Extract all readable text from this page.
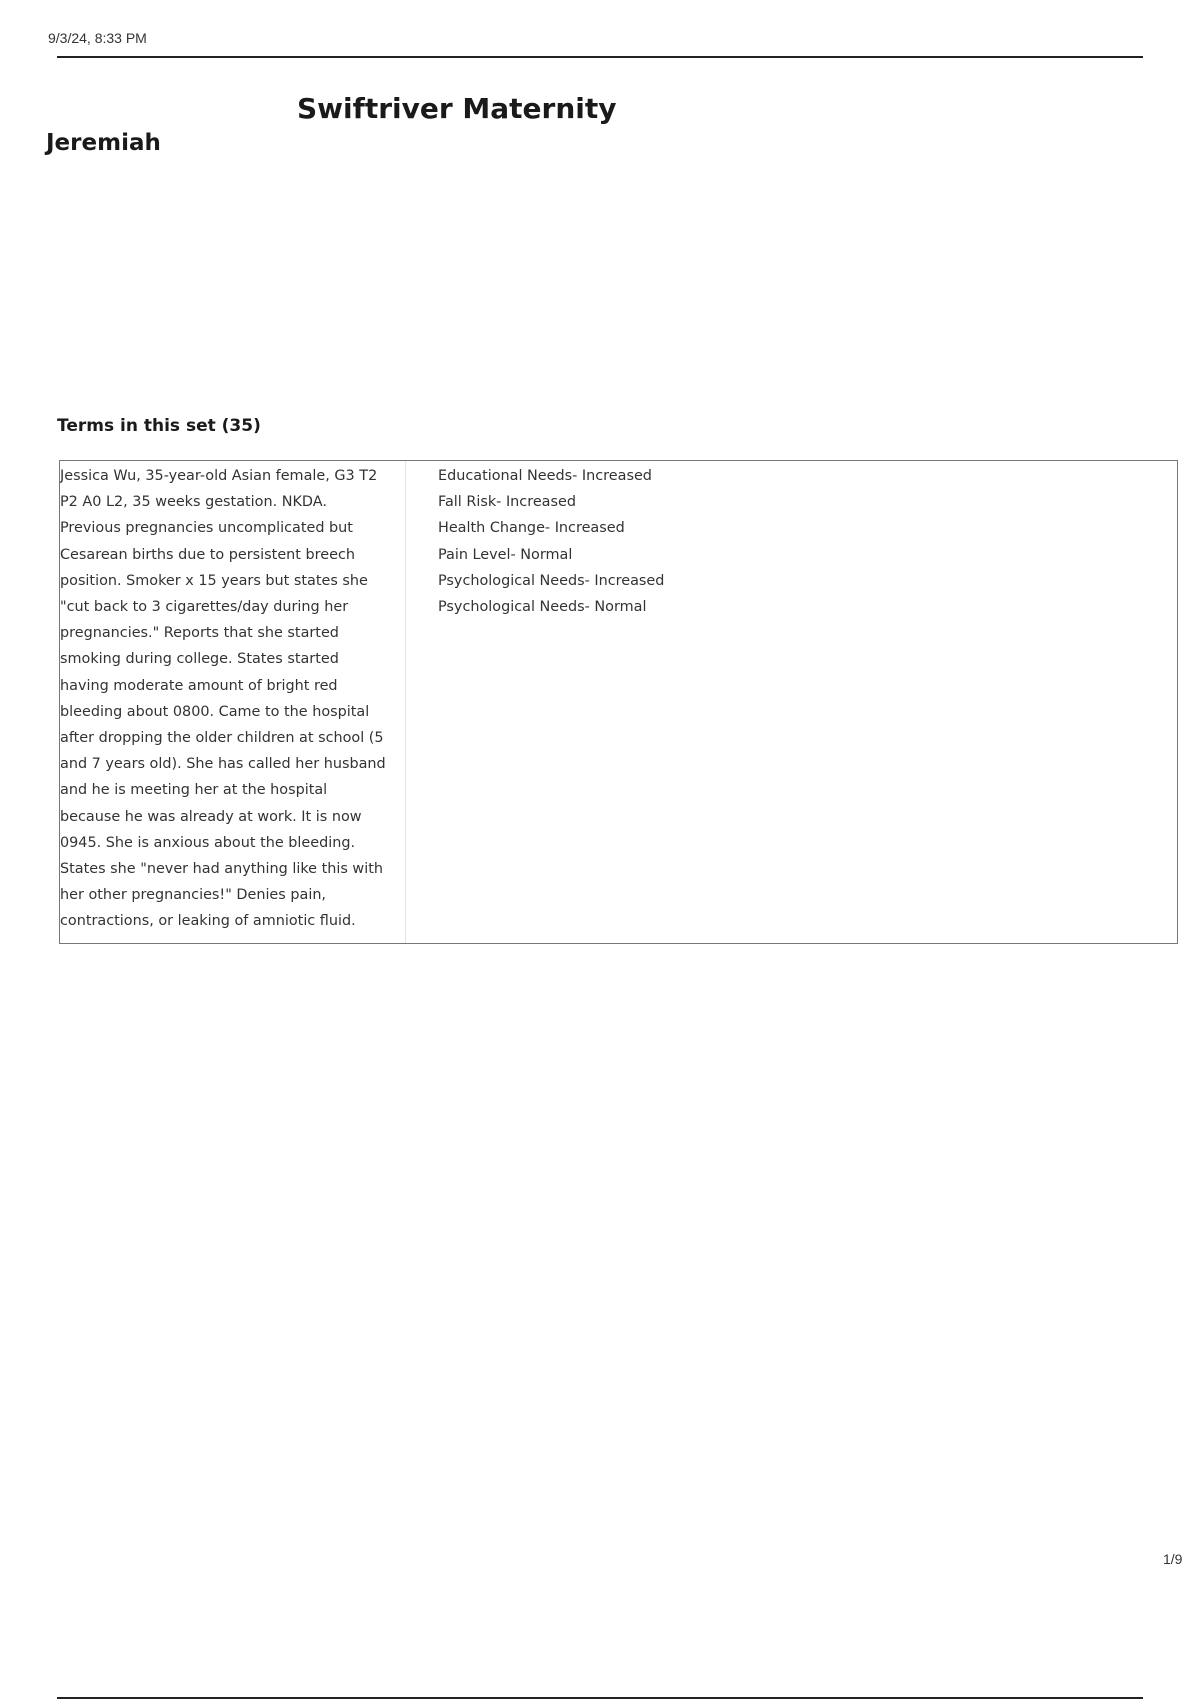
9/3/24, 8:33 PM
Swiftriver Maternity
Jeremiah
Terms in this set (35)
Jessica Wu, 35-year-old Asian female, G3 T2 P2 A0 L2, 35 weeks gestation. NKDA. Previous pregnancies uncomplicated but Cesarean births due to persistent breech position. Smoker x 15 years but states she "cut back to 3 cigarettes/day during her pregnancies." Reports that she started smoking during college. States started having moderate amount of bright red bleeding about 0800. Came to the hospital after dropping the older children at school (5 and 7 years old). She has called her husband and he is meeting her at the hospital because he was already at work. It is now 0945. She is anxious about the bleeding. States she "never had anything like this with her other pregnancies!" Denies pain, contractions, or leaking of amniotic fluid.
Educational Needs- Increased
Fall Risk- Increased
Health Change- Increased
Pain Level- Normal
Psychological Needs- Increased
Psychological Needs- Normal
1/9
